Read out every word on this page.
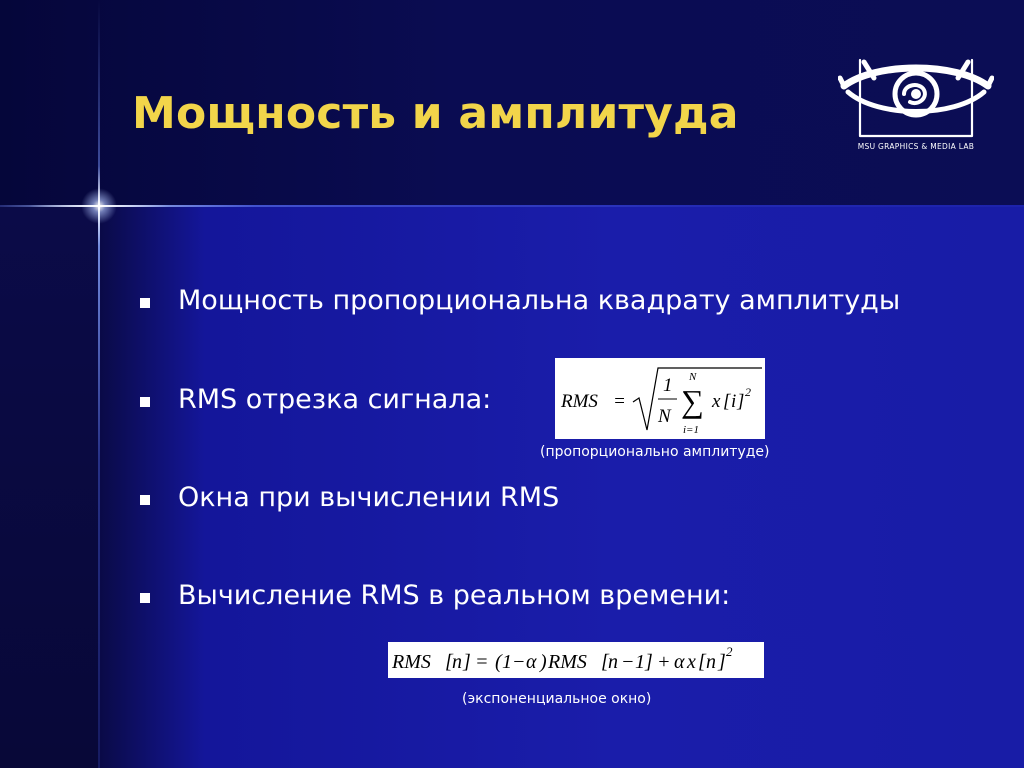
Мощность и амплитуда
MSU GRAPHICS & MEDIA LAB
Мощность пропорциональна квадрату амплитуды
RMS отрезка сигнала:	RMS =
1
N
N
∑
i=1
x [ i ] 2
(пропорционально амплитуде)
Окна при вычислении RMS
Вычисление RMS в реальном времени:
RMS [ n ] = ( 1 − α ) RMS [ n − 1 ] + α x [ n ] 2
(экспоненциальное окно)
